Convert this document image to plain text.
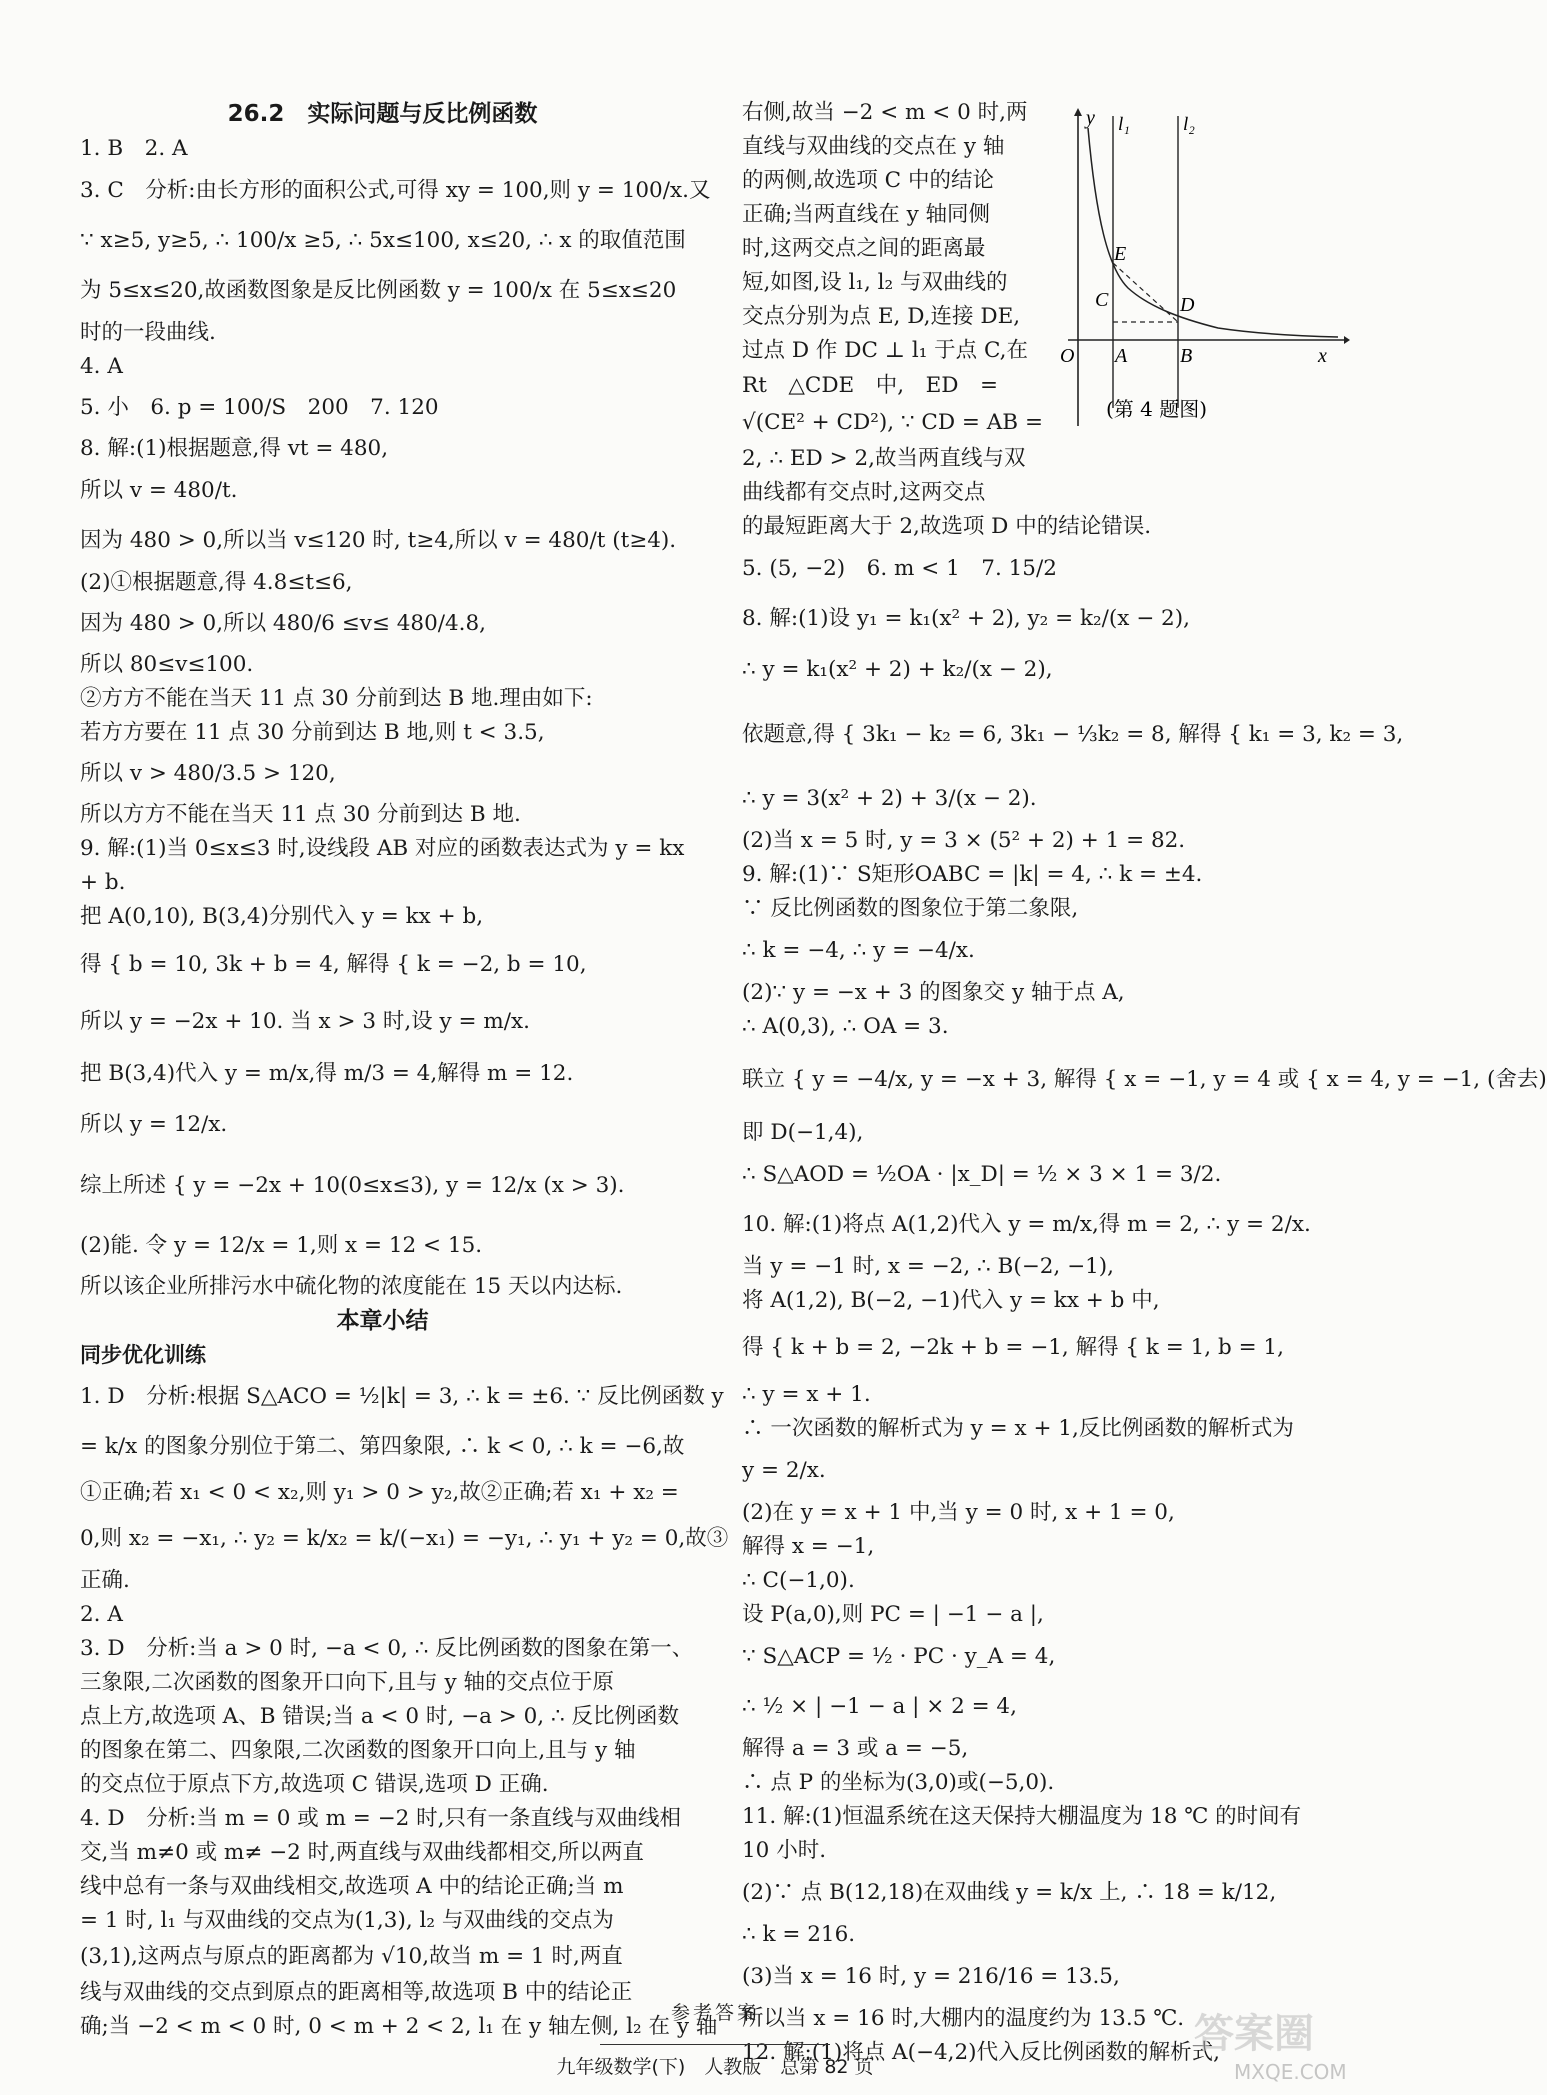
26.2　实际问题与反比例函数
1. B　2. A
3. C　分析:由长方形的面积公式,可得 xy = 100,则 y = 100/x.又
∵ x≥5, y≥5, ∴ 100/x ≥5, ∴ 5x≤100, x≤20, ∴ x 的取值范围
为 5≤x≤20,故函数图象是反比例函数 y = 100/x 在 5≤x≤20
时的一段曲线.
4. A
5. 小　6. p = 100/S　200　7. 120
8. 解:(1)根据题意,得 vt = 480,
所以 v = 480/t.
因为 480 > 0,所以当 v≤120 时, t≥4,所以 v = 480/t (t≥4).
(2)①根据题意,得 4.8≤t≤6,
因为 480 > 0,所以 480/6 ≤v≤ 480/4.8,
所以 80≤v≤100.
②方方不能在当天 11 点 30 分前到达 B 地.理由如下:
若方方要在 11 点 30 分前到达 B 地,则 t < 3.5,
所以 v > 480/3.5 > 120,
所以方方不能在当天 11 点 30 分前到达 B 地.
9. 解:(1)当 0≤x≤3 时,设线段 AB 对应的函数表达式为 y = kx
+ b.
把 A(0,10), B(3,4)分别代入 y = kx + b,
得 { b = 10, 3k + b = 4, 解得 { k = −2, b = 10,
所以 y = −2x + 10. 当 x > 3 时,设 y = m/x.
把 B(3,4)代入 y = m/x,得 m/3 = 4,解得 m = 12.
所以 y = 12/x.
综上所述 { y = −2x + 10(0≤x≤3), y = 12/x (x > 3).
(2)能. 令 y = 12/x = 1,则 x = 12 < 15.
所以该企业所排污水中硫化物的浓度能在 15 天以内达标.
本章小结
同步优化训练
1. D　分析:根据 S△ACO = ½|k| = 3, ∴ k = ±6. ∵ 反比例函数 y
= k/x 的图象分别位于第二、第四象限, ∴ k < 0, ∴ k = −6,故
①正确;若 x₁ < 0 < x₂,则 y₁ > 0 > y₂,故②正确;若 x₁ + x₂ =
0,则 x₂ = −x₁, ∴ y₂ = k/x₂ = k/(−x₁) = −y₁, ∴ y₁ + y₂ = 0,故③
正确.
2. A
3. D　分析:当 a > 0 时, −a < 0, ∴ 反比例函数的图象在第一、
三象限,二次函数的图象开口向下,且与 y 轴的交点位于原
点上方,故选项 A、B 错误;当 a < 0 时, −a > 0, ∴ 反比例函数
的图象在第二、四象限,二次函数的图象开口向上,且与 y 轴
的交点位于原点下方,故选项 C 错误,选项 D 正确.
4. D　分析:当 m = 0 或 m = −2 时,只有一条直线与双曲线相
交,当 m≠0 或 m≠ −2 时,两直线与双曲线都相交,所以两直
线中总有一条与双曲线相交,故选项 A 中的结论正确;当 m
= 1 时, l₁ 与双曲线的交点为(1,3), l₂ 与双曲线的交点为
(3,1),这两点与原点的距离都为 √10,故当 m = 1 时,两直
线与双曲线的交点到原点的距离相等,故选项 B 中的结论正
确;当 −2 < m < 0 时, 0 < m + 2 < 2, l₁ 在 y 轴左侧, l₂ 在 y 轴
右侧,故当 −2 < m < 0 时,两
直线与双曲线的交点在 y 轴
的两侧,故选项 C 中的结论
正确;当两直线在 y 轴同侧
时,这两交点之间的距离最
短,如图,设 l₁, l₂ 与双曲线的
交点分别为点 E, D,连接 DE,
过点 D 作 DC ⊥ l₁ 于点 C,在
Rt　△CDE　中,　ED　=
√(CE² + CD²), ∵ CD = AB =
2, ∴ ED > 2,故当两直线与双
曲线都有交点时,这两交点
的最短距离大于 2,故选项 D 中的结论错误.
5. (5, −2)　6. m < 1　7. 15/2
8. 解:(1)设 y₁ = k₁(x² + 2), y₂ = k₂/(x − 2),
∴ y = k₁(x² + 2) + k₂/(x − 2),
依题意,得 { 3k₁ − k₂ = 6, 3k₁ − ⅓k₂ = 8, 解得 { k₁ = 3, k₂ = 3,
∴ y = 3(x² + 2) + 3/(x − 2).
(2)当 x = 5 时, y = 3 × (5² + 2) + 1 = 82.
9. 解:(1)∵ S矩形OABC = |k| = 4, ∴ k = ±4.
∵ 反比例函数的图象位于第二象限,
∴ k = −4, ∴ y = −4/x.
(2)∵ y = −x + 3 的图象交 y 轴于点 A,
∴ A(0,3), ∴ OA = 3.
联立 { y = −4/x, y = −x + 3, 解得 { x = −1, y = 4 或 { x = 4, y = −1, (舍去)
即 D(−1,4),
∴ S△AOD = ½OA · |x_D| = ½ × 3 × 1 = 3/2.
10. 解:(1)将点 A(1,2)代入 y = m/x,得 m = 2, ∴ y = 2/x.
当 y = −1 时, x = −2, ∴ B(−2, −1),
将 A(1,2), B(−2, −1)代入 y = kx + b 中,
得 { k + b = 2, −2k + b = −1, 解得 { k = 1, b = 1,
∴ y = x + 1.
∴ 一次函数的解析式为 y = x + 1,反比例函数的解析式为
y = 2/x.
(2)在 y = x + 1 中,当 y = 0 时, x + 1 = 0,
解得 x = −1,
∴ C(−1,0).
设 P(a,0),则 PC = | −1 − a |,
∵ S△ACP = ½ · PC · y_A = 4,
∴ ½ × | −1 − a | × 2 = 4,
解得 a = 3 或 a = −5,
∴ 点 P 的坐标为(3,0)或(−5,0).
11. 解:(1)恒温系统在这天保持大棚温度为 18 ℃ 的时间有
10 小时.
(2)∵ 点 B(12,18)在双曲线 y = k/x 上, ∴ 18 = k/12,
∴ k = 216.
(3)当 x = 16 时, y = 216/16 = 13.5,
所以当 x = 16 时,大棚内的温度约为 13.5 ℃.
12. 解:(1)将点 A(−4,2)代入反比例函数的解析式,
y l₁	l₂
E
C	D
O A	B	x
(第 4 题图)
参考答案
九年级数学(下)　人教版　总第 82 页
答案圈
MXQE.COM
